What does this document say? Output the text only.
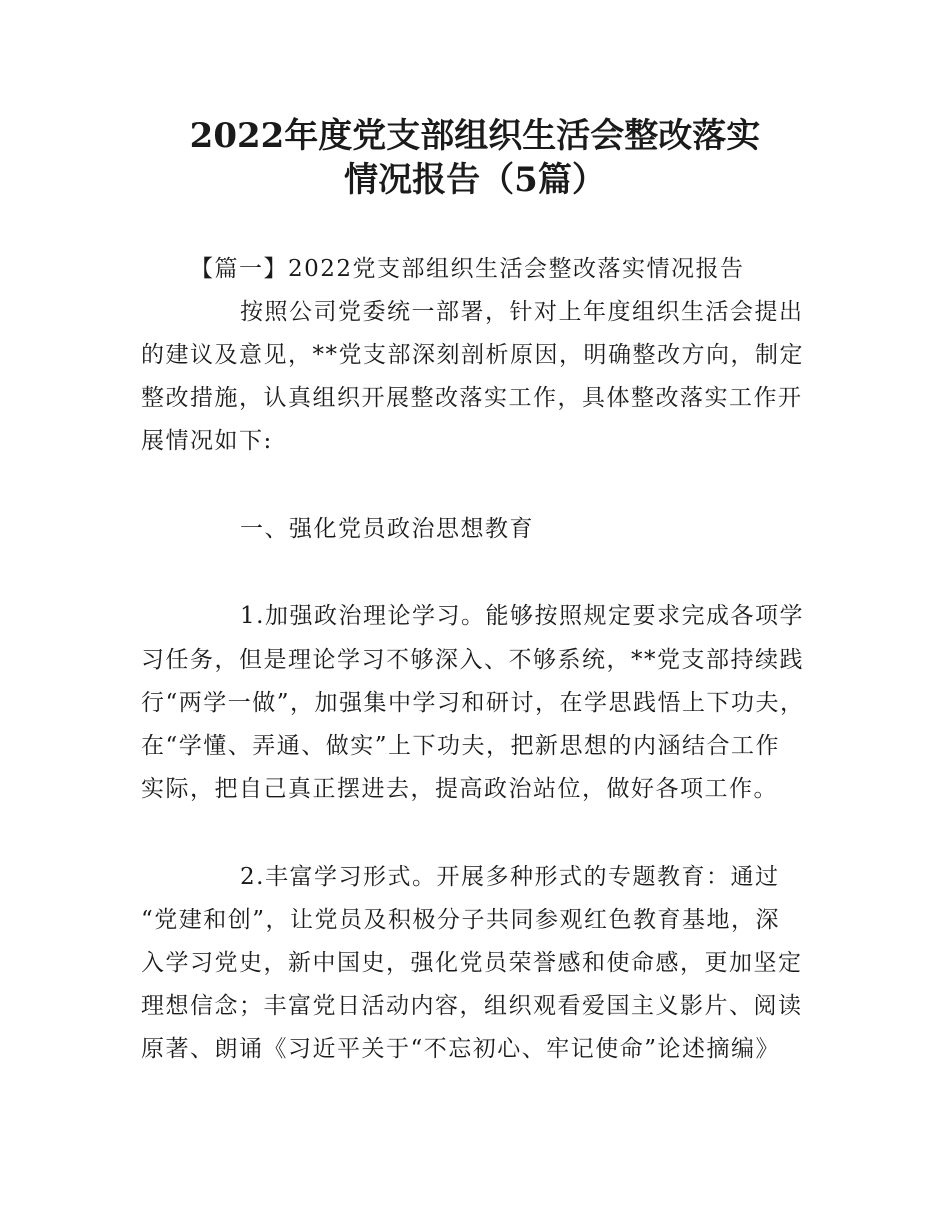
2022年度党支部组织生活会整改落实
情况报告（5篇）

【篇一】2022党支部组织生活会整改落实情况报告

按照公司党委统一部署，针对上年度组织生活会提出

的建议及意见，**党支部深刻剖析原因，明确整改方向，制定

整改措施，认真组织开展整改落实工作，具体整改落实工作开

展情况如下:

一、强化党员政治思想教育

1.加强政治理论学习。能够按照规定要求完成各项学

习任务，但是理论学习不够深入、不够系统，**党支部持续践

行“两学一做”，加强集中学习和研讨，在学思践悟上下功夫，

在“学懂、弄通、做实”上下功夫，把新思想的内涵结合工作

实际，把自己真正摆进去，提高政治站位，做好各项工作。

2.丰富学习形式。开展多种形式的专题教育：通过

“党建和创”，让党员及积极分子共同参观红色教育基地，深

入学习党史，新中国史，强化党员荣誉感和使命感，更加坚定

理想信念；丰富党日活动内容，组织观看爱国主义影片、阅读

原著、朗诵《习近平关于“不忘初心、牢记使命”论述摘编》
